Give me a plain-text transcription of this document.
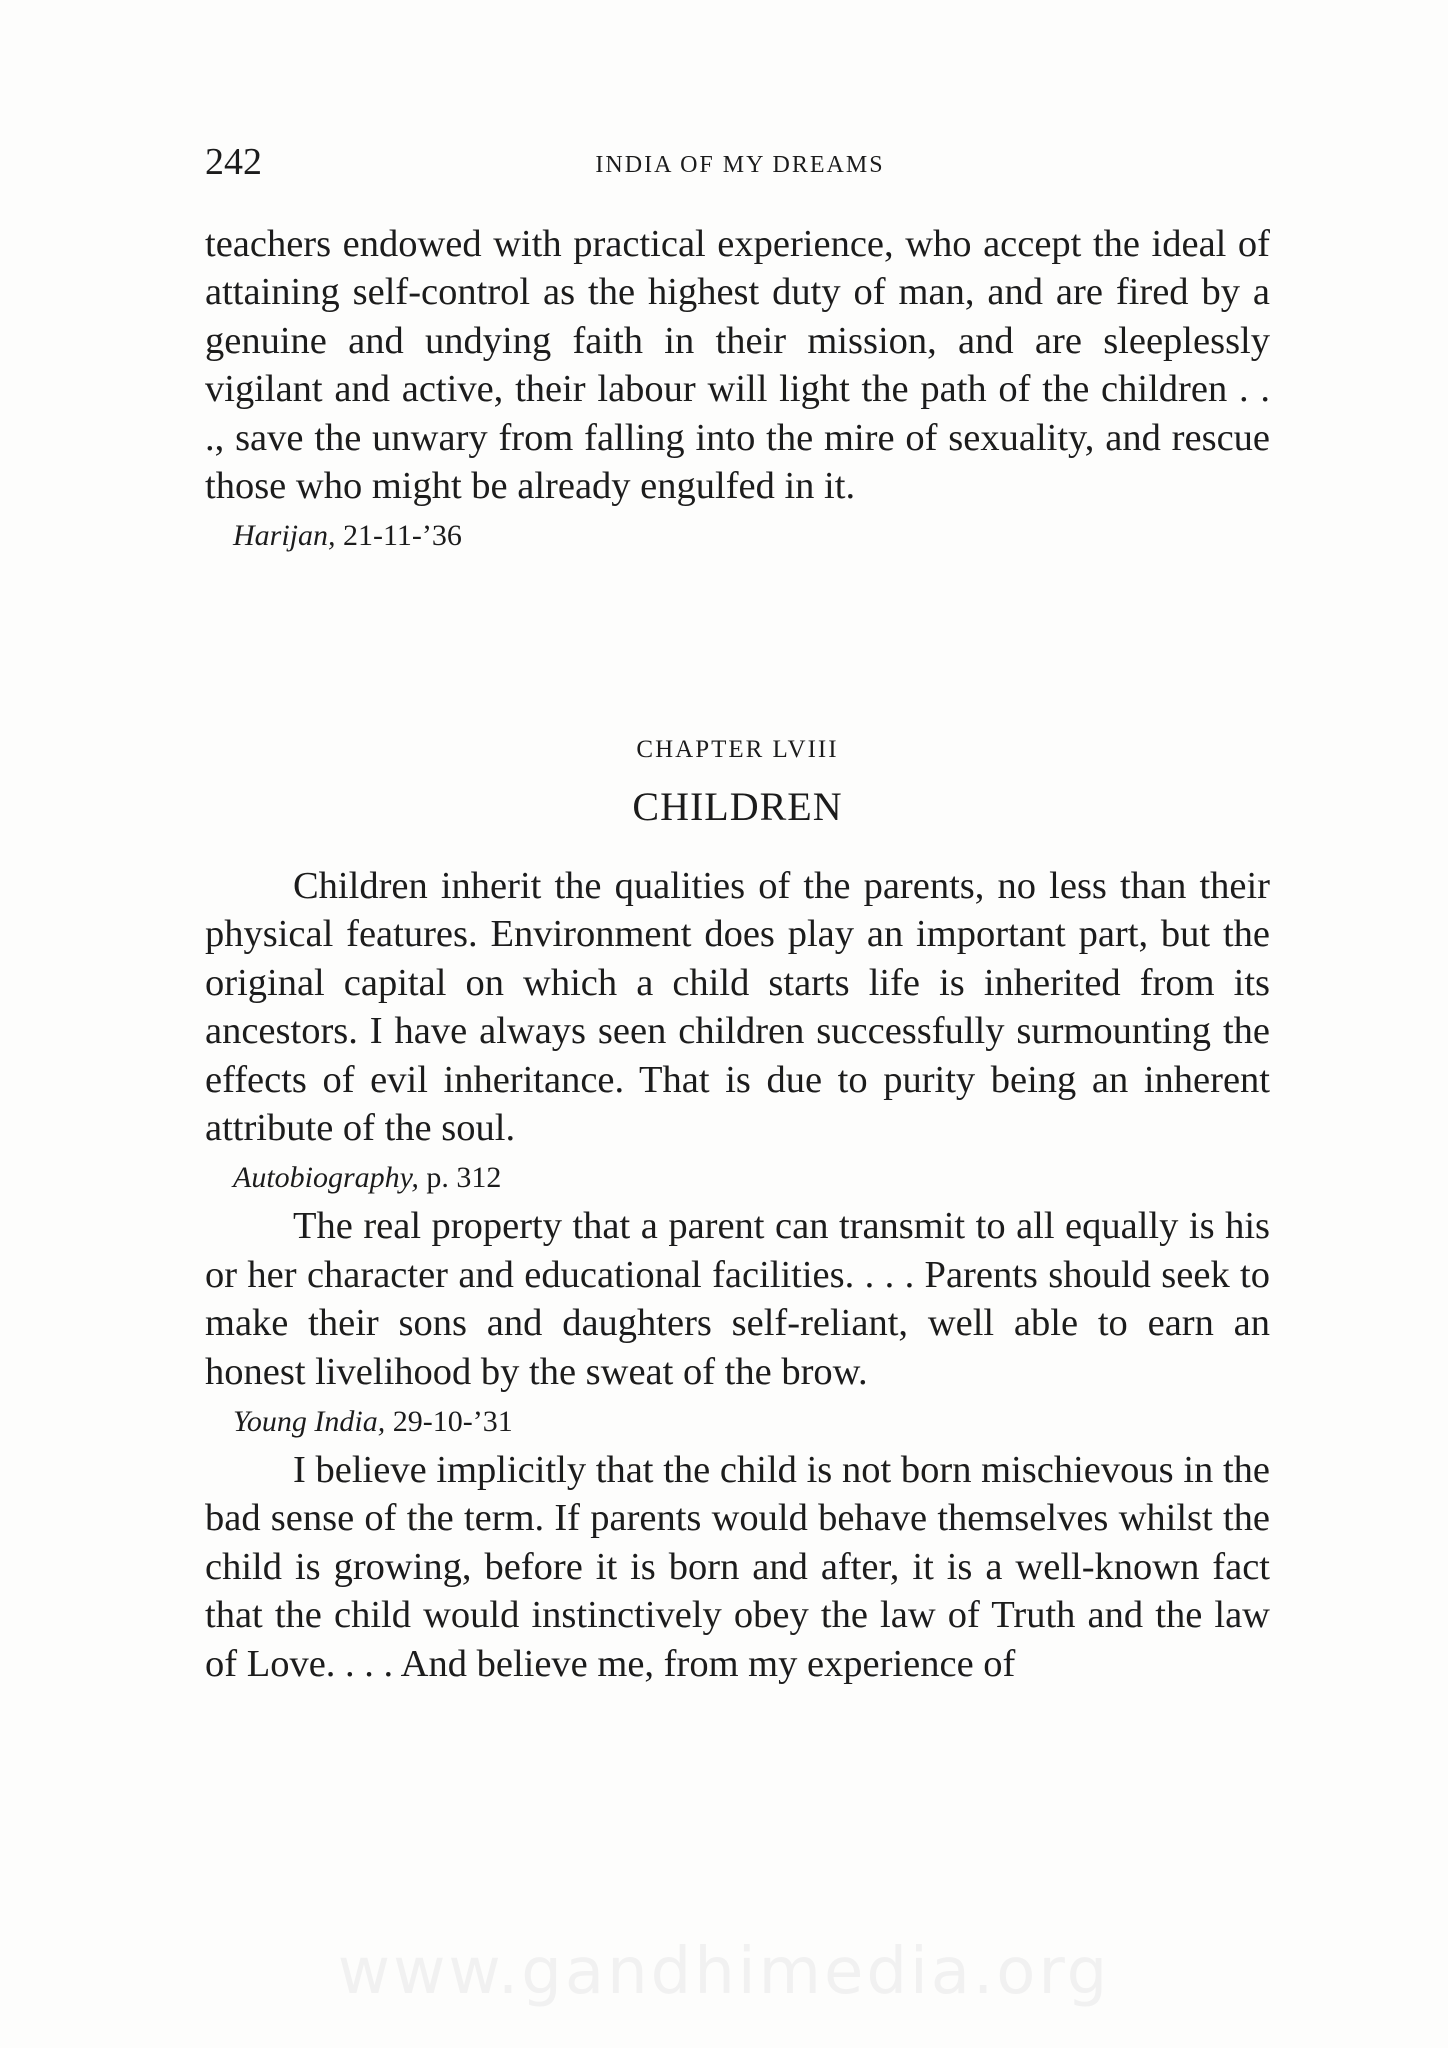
242	INDIA OF MY DREAMS

teachers endowed with practical experience, who accept the ideal of attaining self-control as the highest duty of man, and are fired by a genuine and undying faith in their mission, and are sleeplessly vigilant and active, their labour will light the path of the children . . ., save the unwary from falling into the mire of sexuality, and rescue those who might be already engulfed in it.

Harijan, 21-11-’36
CHAPTER LVIII
CHILDREN

Children inherit the qualities of the parents, no less than their physical features. Environment does play an important part, but the original capital on which a child starts life is inherited from its ancestors. I have always seen children successfully surmounting the effects of evil inheritance. That is due to purity being an inherent attribute of the soul.

Autobiography, p. 312

The real property that a parent can transmit to all equally is his or her character and educational facilities. . . . Parents should seek to make their sons and daughters self-reliant, well able to earn an honest livelihood by the sweat of the brow.

Young India, 29-10-’31

I believe implicitly that the child is not born mischievous in the bad sense of the term. If parents would behave themselves whilst the child is growing, before it is born and after, it is a well-known fact that the child would instinctively obey the law of Truth and the law of Love. . . . And believe me, from my experience of

www.gandhimedia.org
